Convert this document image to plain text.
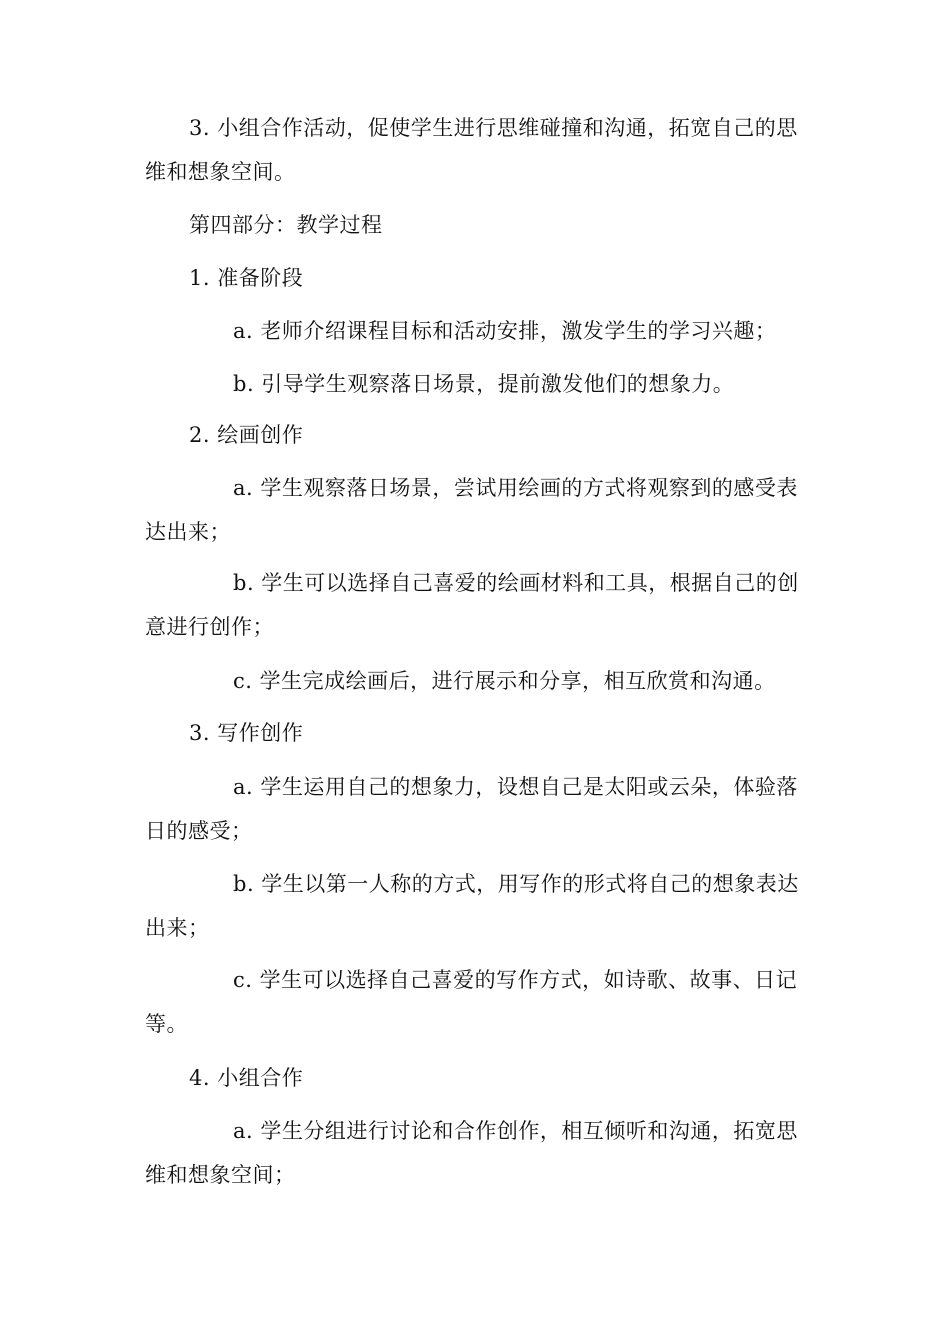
3. 小组合作活动，促使学生进行思维碰撞和沟通，拓宽自己的思维和想象空间。

第四部分：教学过程

1. 准备阶段

a. 老师介绍课程目标和活动安排，激发学生的学习兴趣；

b. 引导学生观察落日场景，提前激发他们的想象力。

2. 绘画创作

a. 学生观察落日场景，尝试用绘画的方式将观察到的感受表达出来；

b. 学生可以选择自己喜爱的绘画材料和工具，根据自己的创意进行创作；

c. 学生完成绘画后，进行展示和分享，相互欣赏和沟通。

3. 写作创作

a. 学生运用自己的想象力，设想自己是太阳或云朵，体验落日的感受；

b. 学生以第一人称的方式，用写作的形式将自己的想象表达出来；

c. 学生可以选择自己喜爱的写作方式，如诗歌、故事、日记等。

4. 小组合作

a. 学生分组进行讨论和合作创作，相互倾听和沟通，拓宽思维和想象空间；
